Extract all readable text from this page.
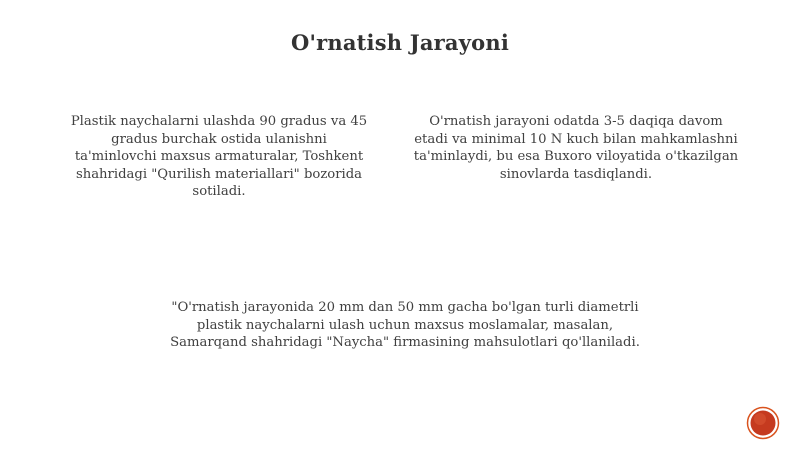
O'rnatish Jarayoni
Plastik naychalarni ulashda 90 gradus va 45
gradus burchak ostida ulanishni
ta'minlovchi maxsus armaturalar, Toshkent
shahridagi "Qurilish materiallari" bozorida
sotiladi.
O'rnatish jarayoni odatda 3-5 daqiqa davom
etadi va minimal 10 N kuch bilan mahkamlashni
ta'minlaydi, bu esa Buxoro viloyatida o'tkazilgan
sinovlarda tasdiqlandi.
"O'rnatish jarayonida 20 mm dan 50 mm gacha bo'lgan turli diametrli
plastik naychalarni ulash uchun maxsus moslamalar, masalan,
Samarqand shahridagi "Naycha" firmasining mahsulotlari qo'llaniladi.
